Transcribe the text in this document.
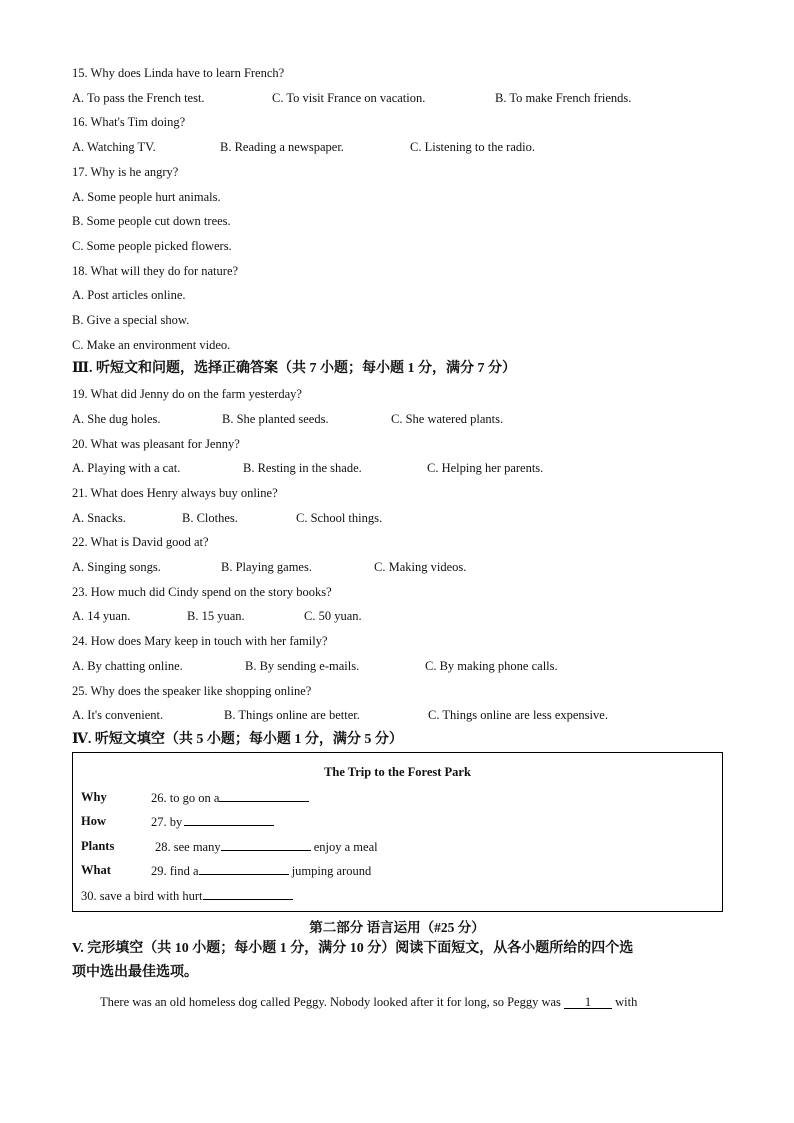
15. Why does Linda have to learn French?
A. To pass the French test.	C. To visit France on vacation.	B. To make French friends.
16. What's Tim doing?
A. Watching TV.	B. Reading a newspaper.	C. Listening to the radio.
17. Why is he angry?
A. Some people hurt animals.
B. Some people cut down trees.
C. Some people picked flowers.
18. What will they do for nature?
A. Post articles online.
B. Give a special show.
C. Make an environment video.
Ⅲ. 听短文和问题，选择正确答案（共 7 小题；每小题 1 分，满分 7 分）
19. What did Jenny do on the farm yesterday?
A. She dug holes.	B. She planted seeds.	C. She watered plants.
20. What was pleasant for Jenny?
A. Playing with a cat.	B. Resting in the shade.	C. Helping her parents.
21. What does Henry always buy online?
A. Snacks.	B. Clothes.	C. School things.
22. What is David good at?
A. Singing songs.	B. Playing games.	C. Making videos.
23. How much did Cindy spend on the story books?
A. 14 yuan.	B. 15 yuan.	C. 50 yuan.
24. How does Mary keep in touch with her family?
A. By chatting online.	B. By sending e-mails.	C. By making phone calls.
25. Why does the speaker like shopping online?
A. It's convenient.	B. Things online are better.	C. Things online are less expensive.
Ⅳ. 听短文填空（共 5 小题；每小题 1 分，满分 5 分）
The Trip to the Forest Park
Why	26. to go on a
How	27. by
Plants	28. see many	enjoy a meal
What	29. find a	jumping around
30. save a bird with hurt
第二部分 语言运用（#25 分）
V. 完形填空（共 10 小题；每小题 1 分，满分 10 分）阅读下面短文，从各小题所给的四个选
项中选出最佳选项。
There was an old homeless dog called Peggy. Nobody looked after it for long, so Peggy was 1 with
